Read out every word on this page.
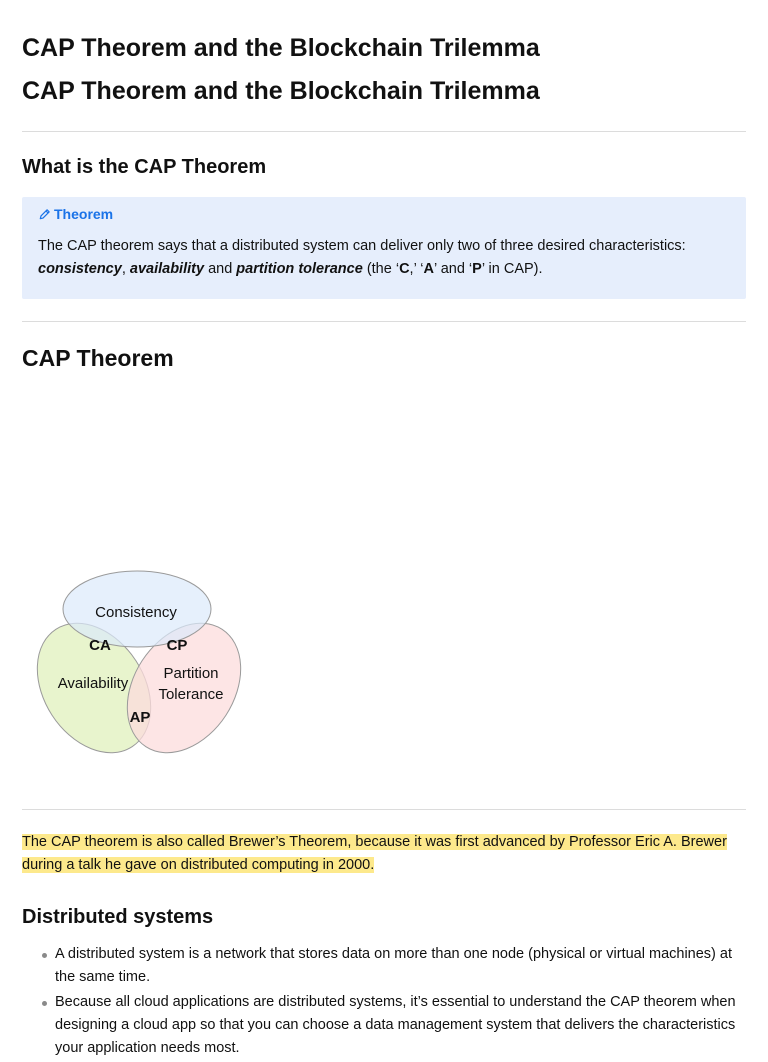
CAP Theorem and the Blockchain Trilemma
CAP Theorem and the Blockchain Trilemma
What is the CAP Theorem
Theorem

The CAP theorem says that a distributed system can deliver only two of three desired characteristics: consistency, availability and partition tolerance (the ‘C,’ ‘A’ and ‘P’ in CAP).

CAP Theorem
Consistency
CA	CP
Availability
Partition
Tolerance
AP

The CAP theorem is also called Brewer’s Theorem, because it was first advanced by Professor Eric A. Brewer during a talk he gave on distributed computing in 2000.

Distributed systems
A distributed system is a network that stores data on more than one node (physical or virtual machines) at the same time.
Because all cloud applications are distributed systems, it’s essential to understand the CAP theorem when designing a cloud app so that you can choose a data management system that delivers the characteristics your application needs most.
